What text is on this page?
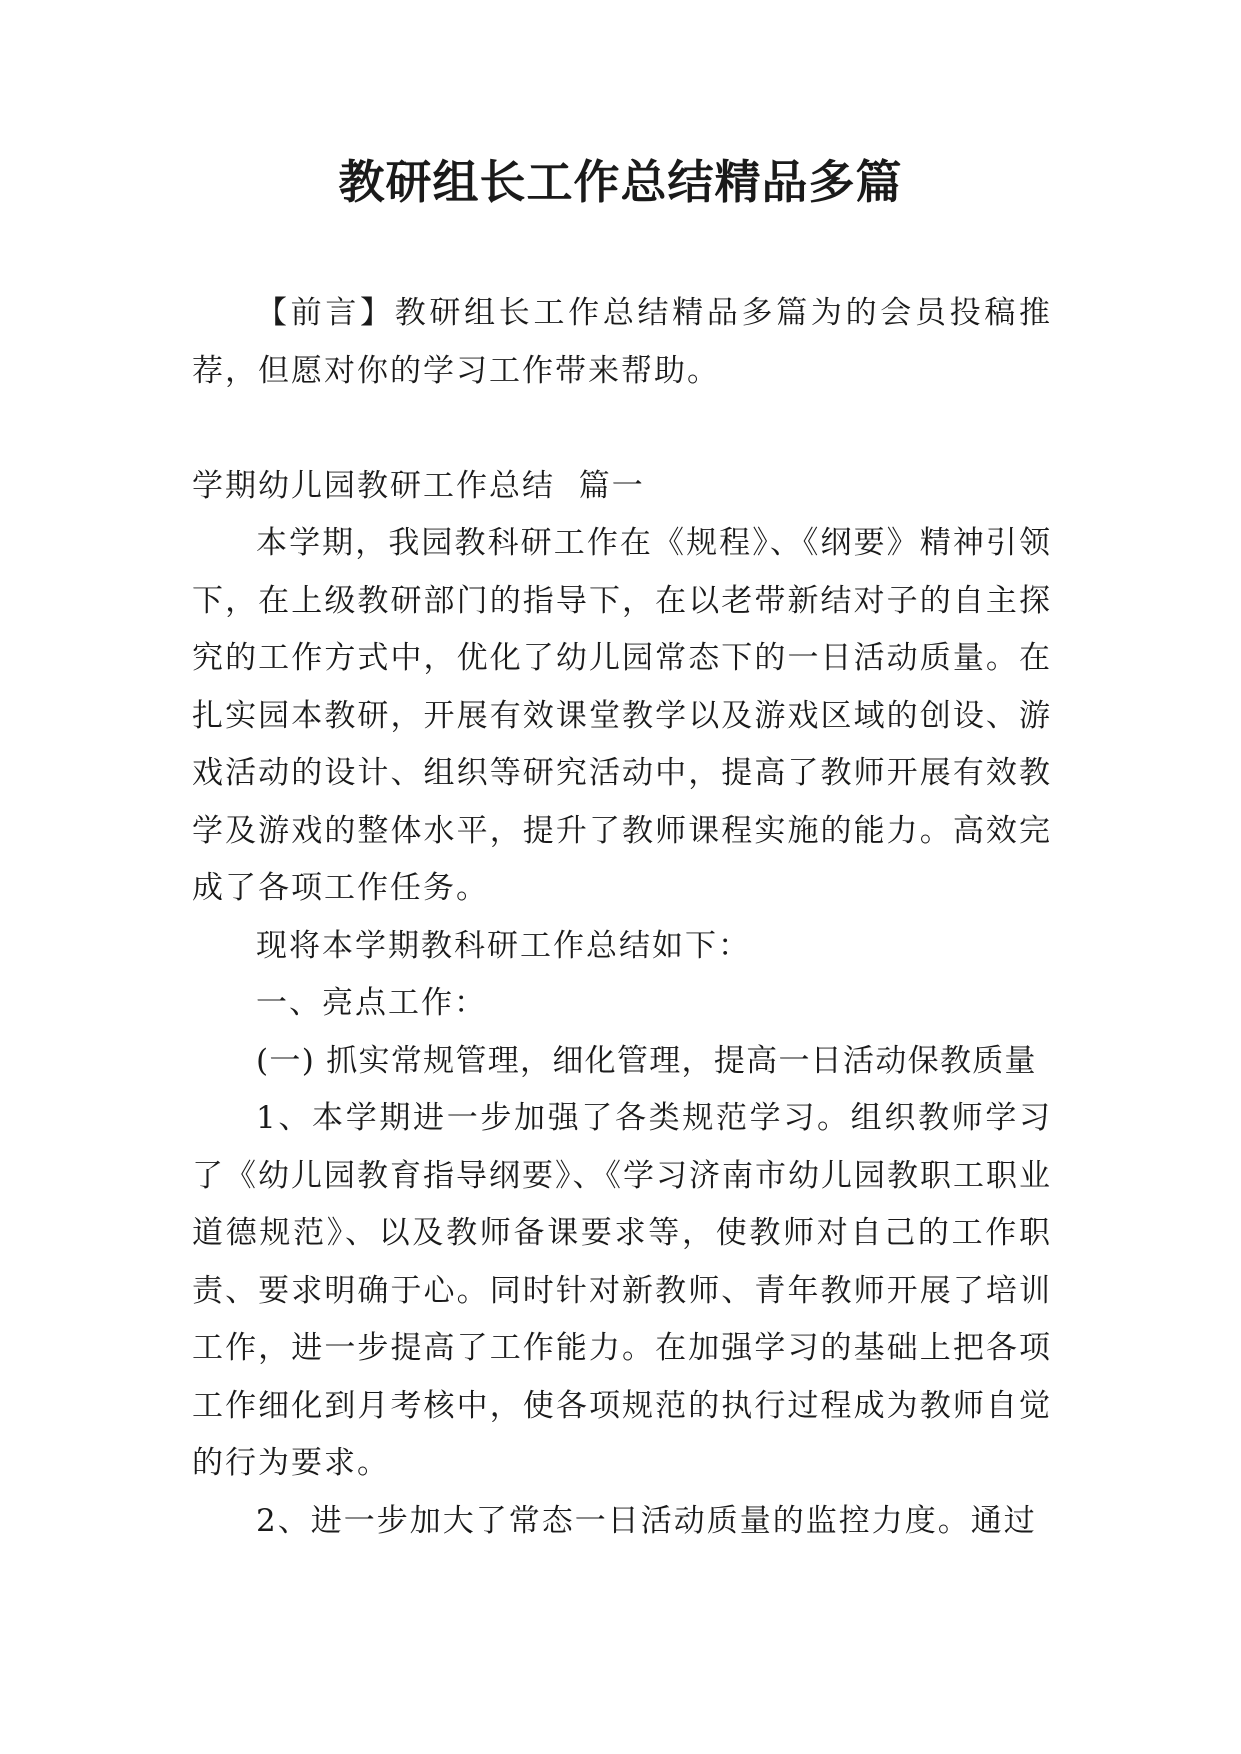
教研组长工作总结精品多篇

【前言】教研组长工作总结精品多篇为的会员投稿推荐，但愿对你的学习工作带来帮助。

学期幼儿园教研工作总结  篇一

本学期，我园教科研工作在《规程》、《纲要》精神引领下，在上级教研部门的指导下，在以老带新结对子的自主探究的工作方式中，优化了幼儿园常态下的一日活动质量。在扎实园本教研，开展有效课堂教学以及游戏区域的创设、游戏活动的设计、组织等研究活动中，提高了教师开展有效教学及游戏的整体水平，提升了教师课程实施的能力。高效完成了各项工作任务。

现将本学期教科研工作总结如下：

一、亮点工作：

(一) 抓实常规管理，细化管理，提高一日活动保教质量

1、本学期进一步加强了各类规范学习。组织教师学习了《幼儿园教育指导纲要》、《学习济南市幼儿园教职工职业道德规范》、以及教师备课要求等，使教师对自己的工作职责、要求明确于心。同时针对新教师、青年教师开展了培训工作，进一步提高了工作能力。在加强学习的基础上把各项工作细化到月考核中，使各项规范的执行过程成为教师自觉的行为要求。

2、进一步加大了常态一日活动质量的监控力度。通过
